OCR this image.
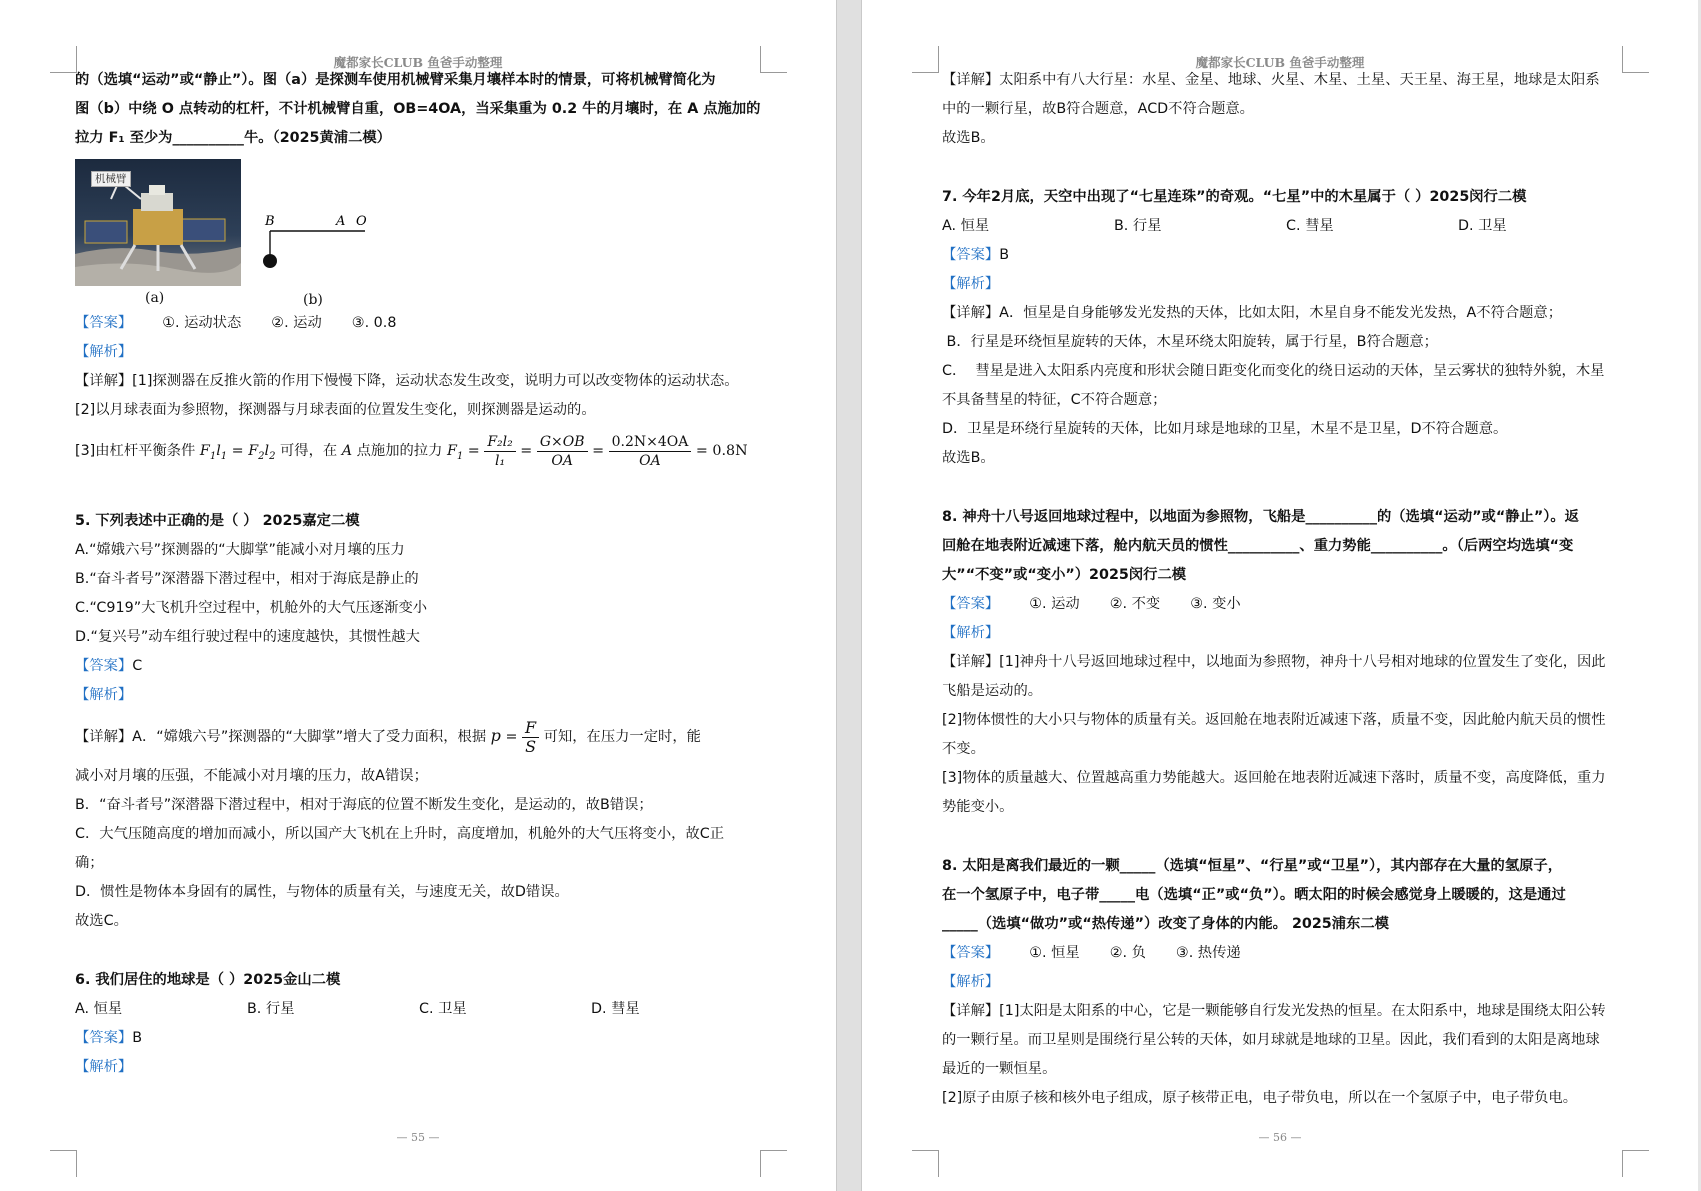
魔都家长CLUB 鱼爸手动整理
的（选填“运动”或“静止”）。图（a）是探测车使用机械臂采集月壤样本时的情景，可将机械臂简化为
图（b）中绕 O 点转动的杠杆，不计机械臂自重，OB=4OA，当采集重为 0.2 牛的月壤时，在 A 点施加的
拉力 F₁ 至少为__________牛。（2025黄浦二模）
机械臂
(a)
B	A O
(b)
【答案】 ①. 运动状态 ②. 运动 ③. 0.8
【解析】
【详解】[1]探测器在反推火箭的作用下慢慢下降，运动状态发生改变，说明力可以改变物体的运动状态。
[2]以月球表面为参照物，探测器与月球表面的位置发生变化，则探测器是运动的。
[3]由杠杆平衡条件 $F_1l_1 = F_2l_2$ 可得，在 A 点施加的拉力 $F_1 = \frac{\text{F₂l₂}}{\text{l₁}} = \frac{G\times OB}{OA} = \frac{0.2N\times 4OA}{OA} = 0.8N$
5. 下列表述中正确的是（ ） 2025嘉定二模
A.“嫦娥六号”探测器的“大脚掌”能减小对月壤的压力
B.“奋斗者号”深潜器下潜过程中，相对于海底是静止的
C.“C919”大飞机升空过程中，机舱外的大气压逐渐变小
D.“复兴号”动车组行驶过程中的速度越快，其惯性越大
【答案】C
【解析】
【详解】A．“嫦娥六号”探测器的“大脚掌”增大了受力面积，根据 $p = \frac{F}{S}$ 可知，在压力一定时，能
减小对月壤的压强，不能减小对月壤的压力，故A错误；
B．“奋斗者号”深潜器下潜过程中，相对于海底的位置不断发生变化，是运动的，故B错误；
C．大气压随高度的增加而减小，所以国产大飞机在上升时，高度增加，机舱外的大气压将变小，故C正
确；
D．惯性是物体本身固有的属性，与物体的质量有关，与速度无关，故D错误。
故选C。
6. 我们居住的地球是（ ）2025金山二模
A. 恒星	B. 行星	C. 卫星	D. 彗星
【答案】B
【解析】
— 55 —
魔都家长CLUB 鱼爸手动整理
【详解】太阳系中有八大行星：水星、金星、地球、火星、木星、土星、天王星、海王星，地球是太阳系
中的一颗行星，故B符合题意，ACD不符合题意。
故选B。
7. 今年2月底，天空中出现了“七星连珠”的奇观。“七星”中的木星属于（ ）2025闵行二模
A. 恒星	B. 行星	C. 彗星	D. 卫星
【答案】B
【解析】
【详解】A．恒星是自身能够发光发热的天体，比如太阳，木星自身不能发光发热，A不符合题意；
B．行星是环绕恒星旋转的天体，木星环绕太阳旋转，属于行星，B符合题意；
C．  彗星是进入太阳系内亮度和形状会随日距变化而变化的绕日运动的天体，呈云雾状的独特外貌，木星
不具备彗星的特征，C不符合题意；
D．卫星是环绕行星旋转的天体，比如月球是地球的卫星，木星不是卫星，D不符合题意。
故选B。
8. 神舟十八号返回地球过程中，以地面为参照物，飞船是__________的（选填“运动”或“静止”）。返
回舱在地表附近减速下落，舱内航天员的惯性__________、重力势能__________。（后两空均选填“变
大”“不变”或“变小”）2025闵行二模
【答案】 ①. 运动 ②. 不变 ③. 变小
【解析】
【详解】[1]神舟十八号返回地球过程中，以地面为参照物，神舟十八号相对地球的位置发生了变化，因此
飞船是运动的。
[2]物体惯性的大小只与物体的质量有关。返回舱在地表附近减速下落，质量不变，因此舱内航天员的惯性
不变。
[3]物体的质量越大、位置越高重力势能越大。返回舱在地表附近减速下落时，质量不变，高度降低，重力
势能变小。
8. 太阳是离我们最近的一颗_____（选填“恒星”、“行星”或“卫星”），其内部存在大量的氢原子，
在一个氢原子中，电子带_____电（选填“正”或“负”）。晒太阳的时候会感觉身上暖暖的，这是通过
_____（选填“做功”或“热传递”）改变了身体的内能。 2025浦东二模
【答案】 ①. 恒星 ②. 负 ③. 热传递
【解析】
【详解】[1]太阳是太阳系的中心，它是一颗能够自行发光发热的恒星。在太阳系中，地球是围绕太阳公转
的一颗行星。而卫星则是围绕行星公转的天体，如月球就是地球的卫星。因此，我们看到的太阳是离地球
最近的一颗恒星。
[2]原子由原子核和核外电子组成，原子核带正电，电子带负电，所以在一个氢原子中，电子带负电。
— 56 —
